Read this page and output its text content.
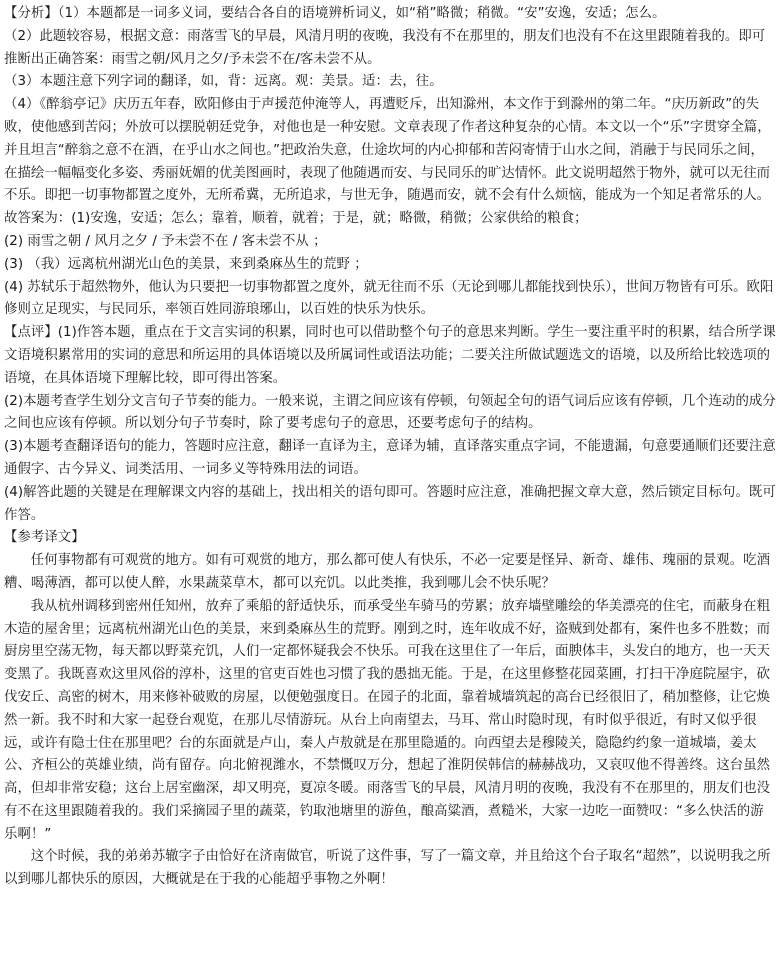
【分析】（1）本题都是一词多义词，要结合各自的语境辨析词义，如“稍”略微；稍微。“安”安逸，安适；怎么。

（2）此题较容易，根据文意：雨落雪飞的早晨，风清月明的夜晚，我没有不在那里的，朋友们也没有不在这里跟随着我的。即可推断出正确答案：雨雪之朝/风月之夕/予未尝不在/客未尝不从。

（3）本题注意下列字词的翻译，如，背：远离。观：美景。适：去，往。

（4）《醉翁亭记》庆历五年春，欧阳修由于声援范仲淹等人，再遭贬斥，出知滁州，本文作于到滁州的第二年。“庆历新政”的失败，使他感到苦闷；外放可以摆脱朝廷党争，对他也是一种安慰。文章表现了作者这种复杂的心情。本文以一个“乐”字贯穿全篇，并且坦言“醉翁之意不在酒，在乎山水之间也。”把政治失意，仕途坎坷的内心抑郁和苦闷寄情于山水之间，消融于与民同乐之间，在描绘一幅幅变化多姿、秀丽妩媚的优美图画时，表现了他随遇而安、与民同乐的旷达情怀。此文说明超然于物外，就可以无往而不乐。即把一切事物都置之度外，无所希冀，无所追求，与世无争，随遇而安，就不会有什么烦恼，能成为一个知足者常乐的人。

故答案为：(1)安逸，安适；怎么；靠着，顺着，就着；于是，就；略微，稍微；公家供给的粮食；

(2) 雨雪之朝 / 风月之夕 / 予未尝不在 / 客未尝不从 ；

(3) （我）远离杭州湖光山色的美景，来到桑麻丛生的荒野 ；

(4) 苏轼乐于超然物外，他认为只要把一切事物都置之度外，就无往而不乐（无论到哪儿都能找到快乐），世间万物皆有可乐。欧阳修则立足现实，与民同乐，率领百姓同游琅琊山，以百姓的快乐为快乐。

【点评】(1)作答本题，重点在于文言实词的积累，同时也可以借助整个句子的意思来判断。学生一要注重平时的积累，结合所学课文语境积累常用的实词的意思和所运用的具体语境以及所属词性或语法功能；二要关注所做试题选文的语境，以及所给比较选项的语境，在具体语境下理解比较，即可得出答案。

(2)本题考查学生划分文言句子节奏的能力。一般来说，主谓之间应该有停顿，句领起全句的语气词后应该有停顿，几个连动的成分之间也应该有停顿。所以划分句子节奏时，除了要考虑句子的意思，还要考虑句子的结构。

(3)本题考查翻译语句的能力，答题时应注意，翻译一直译为主，意译为辅，直译落实重点字词，不能遗漏，句意要通顺们还要注意通假字、古今异义、词类活用、一词多义等特殊用法的词语。

(4)解答此题的关键是在理解课文内容的基础上，找出相关的语句即可。答题时应注意，准确把握文章大意，然后锁定目标句。既可作答。

【参考译文】

任何事物都有可观赏的地方。如有可观赏的地方，那么都可使人有快乐，不必一定要是怪异、新奇、雄伟、瑰丽的景观。吃酒糟、喝薄酒，都可以使人醉，水果蔬菜草木，都可以充饥。以此类推，我到哪儿会不快乐呢？

我从杭州调移到密州任知州，放弃了乘船的舒适快乐，而承受坐车骑马的劳累；放弃墙壁雕绘的华美漂亮的住宅，而蔽身在粗木造的屋舍里；远离杭州湖光山色的美景，来到桑麻丛生的荒野。刚到之时，连年收成不好，盗贼到处都有，案件也多不胜数；而厨房里空荡无物，每天都以野菜充饥，人们一定都怀疑我会不快乐。可我在这里住了一年后，面腴体丰，头发白的地方，也一天天变黑了。我既喜欢这里风俗的淳朴，这里的官吏百姓也习惯了我的愚拙无能。于是，在这里修整花园菜圃，打扫干净庭院屋宇，砍伐安丘、高密的树木，用来修补破败的房屋，以便勉强度日。在园子的北面，靠着城墙筑起的高台已经很旧了，稍加整修，让它焕然一新。我不时和大家一起登台观览，在那儿尽情游玩。从台上向南望去，马耳、常山时隐时现，有时似乎很近，有时又似乎很远，或许有隐士住在那里吧？台的东面就是卢山，秦人卢敖就是在那里隐遁的。向西望去是穆陵关，隐隐约约象一道城墙，姜太公、齐桓公的英雄业绩，尚有留存。向北俯视潍水，不禁慨叹万分，想起了淮阴侯韩信的赫赫战功，又哀叹他不得善终。这台虽然高，但却非常安稳；这台上居室幽深，却又明亮，夏凉冬暖。雨落雪飞的早晨，风清月明的夜晚，我没有不在那里的，朋友们也没有不在这里跟随着我的。我们采摘园子里的蔬菜，钓取池塘里的游鱼，酿高粱酒，煮糙米，大家一边吃一面赞叹：“多么快活的游乐啊！”

这个时候，我的弟弟苏辙字子由恰好在济南做官，听说了这件事，写了一篇文章，并且给这个台子取名“超然”，以说明我之所以到哪儿都快乐的原因，大概就是在于我的心能超乎事物之外啊！
